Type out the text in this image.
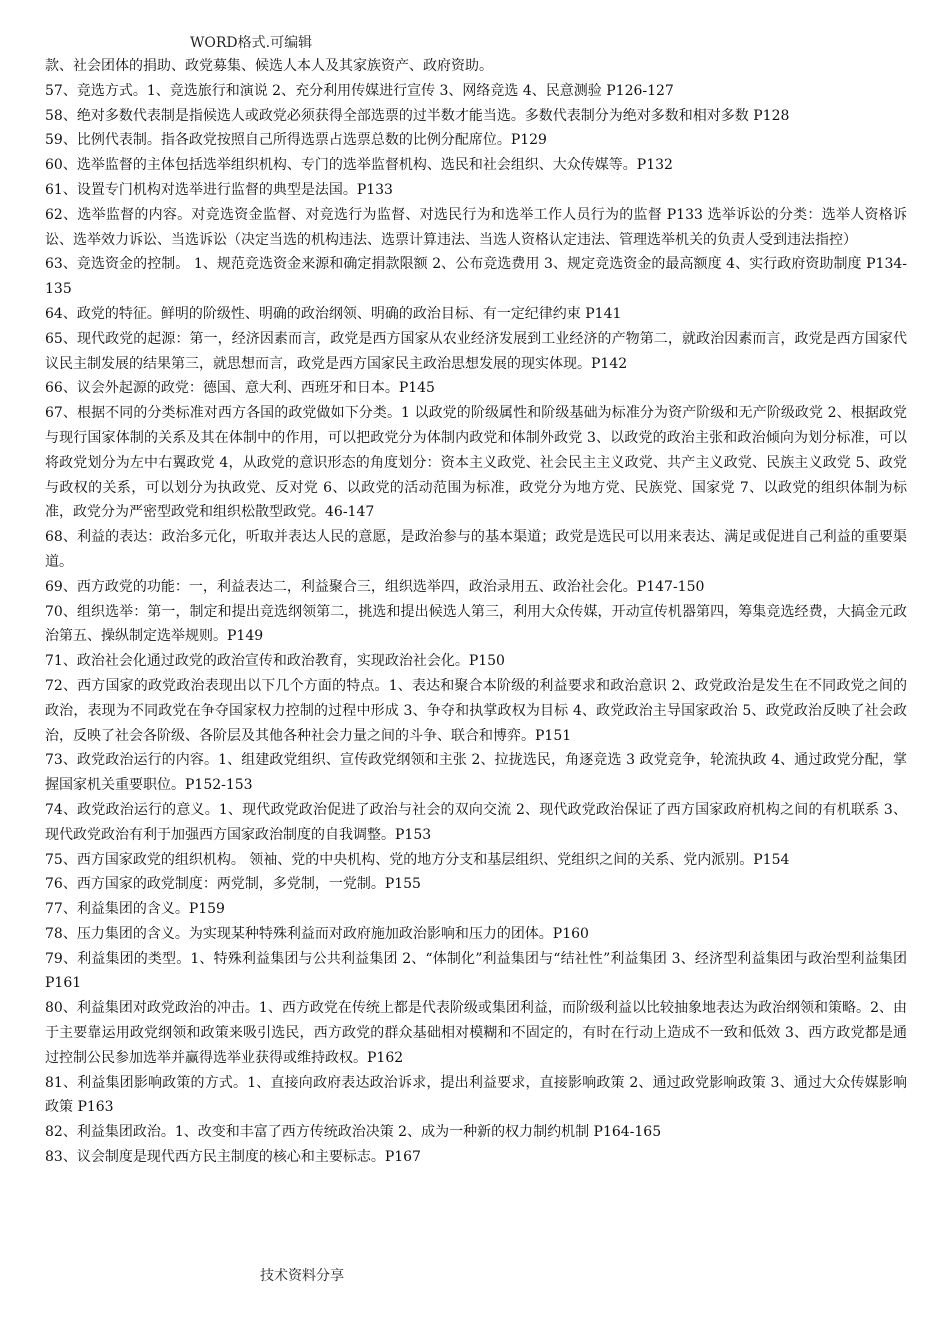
WORD格式.可编辑

款、社会团体的捐助、政党募集、候选人本人及其家族资产、政府资助。

57、竞选方式。1、竞选旅行和演说 2、充分利用传媒进行宣传 3、网络竞选 4、民意测验 P126-127

58、绝对多数代表制是指候选人或政党必须获得全部选票的过半数才能当选。多数代表制分为绝对多数和相对多数 P128

59、比例代表制。指各政党按照自己所得选票占选票总数的比例分配席位。P129

60、选举监督的主体包括选举组织机构、专门的选举监督机构、选民和社会组织、大众传媒等。P132

61、设置专门机构对选举进行监督的典型是法国。P133

62、选举监督的内容。对竞选资金监督、对竞选行为监督、对选民行为和选举工作人员行为的监督 P133 选举诉讼的分类：选举人资格诉讼、选举效力诉讼、当选诉讼（决定当选的机构违法、选票计算违法、当选人资格认定违法、管理选举机关的负责人受到违法指控）

63、竞选资金的控制。 1、规范竞选资金来源和确定捐款限额 2、公布竞选费用 3、规定竞选资金的最高额度 4、实行政府资助制度 P134-135

64、政党的特征。鲜明的阶级性、明确的政治纲领、明确的政治目标、有一定纪律约束 P141

65、现代政党的起源：第一，经济因素而言，政党是西方国家从农业经济发展到工业经济的产物第二，就政治因素而言，政党是西方国家代议民主制发展的结果第三，就思想而言，政党是西方国家民主政治思想发展的现实体现。P142

66、议会外起源的政党：德国、意大利、西班牙和日本。P145

67、根据不同的分类标准对西方各国的政党做如下分类。1 以政党的阶级属性和阶级基础为标准分为资产阶级和无产阶级政党 2、根据政党与现行国家体制的关系及其在体制中的作用，可以把政党分为体制内政党和体制外政党 3、以政党的政治主张和政治倾向为划分标准，可以将政党划分为左中右翼政党 4，从政党的意识形态的角度划分：资本主义政党、社会民主主义政党、共产主义政党、民族主义政党 5、政党与政权的关系，可以划分为执政党、反对党 6、以政党的活动范围为标准，政党分为地方党、民族党、国家党 7、以政党的组织体制为标准，政党分为严密型政党和组织松散型政党。46-147

68、利益的表达：政治多元化，听取并表达人民的意愿，是政治参与的基本渠道；政党是选民可以用来表达、满足或促进自己利益的重要渠道。

69、西方政党的功能：一，利益表达二，利益聚合三，组织选举四，政治录用五、政治社会化。P147-150

70、组织选举：第一，制定和提出竞选纲领第二，挑选和提出候选人第三，利用大众传媒，开动宣传机器第四，筹集竞选经费，大搞金元政治第五、操纵制定选举规则。P149

71、政治社会化通过政党的政治宣传和政治教育，实现政治社会化。P150

72、西方国家的政党政治表现出以下几个方面的特点。1、表达和聚合本阶级的利益要求和政治意识 2、政党政治是发生在不同政党之间的政治，表现为不同政党在争夺国家权力控制的过程中形成 3、争夺和执掌政权为目标 4、政党政治主导国家政治 5、政党政治反映了社会政治，反映了社会各阶级、各阶层及其他各种社会力量之间的斗争、联合和博弈。P151

73、政党政治运行的内容。1、组建政党组织、宣传政党纲领和主张 2、拉拢选民，角逐竞选 3 政党竞争，轮流执政 4、通过政党分配，掌握国家机关重要职位。P152-153

74、政党政治运行的意义。1、现代政党政治促进了政治与社会的双向交流 2、现代政党政治保证了西方国家政府机构之间的有机联系 3、现代政党政治有利于加强西方国家政治制度的自我调整。P153

75、西方国家政党的组织机构。 领袖、党的中央机构、党的地方分支和基层组织、党组织之间的关系、党内派别。P154

76、西方国家的政党制度：两党制，多党制，一党制。P155

77、利益集团的含义。P159

78、压力集团的含义。为实现某种特殊利益而对政府施加政治影响和压力的团体。P160

79、利益集团的类型。1、特殊利益集团与公共利益集团 2、“体制化”利益集团与“结社性”利益集团 3、经济型利益集团与政治型利益集团 P161

80、利益集团对政党政治的冲击。1、西方政党在传统上都是代表阶级或集团利益，而阶级利益以比较抽象地表达为政治纲领和策略。2、由于主要靠运用政党纲领和政策来吸引选民，西方政党的群众基础相对模糊和不固定的，有时在行动上造成不一致和低效 3、西方政党都是通过控制公民参加选举并赢得选举业获得或维持政权。P162

81、利益集团影响政策的方式。1、直接向政府表达政治诉求，提出利益要求，直接影响政策 2、通过政党影响政策 3、通过大众传媒影响政策 P163

82、利益集团政治。1、改变和丰富了西方传统政治决策 2、成为一种新的权力制约机制 P164-165

83、议会制度是现代西方民主制度的核心和主要标志。P167

技术资料分享
